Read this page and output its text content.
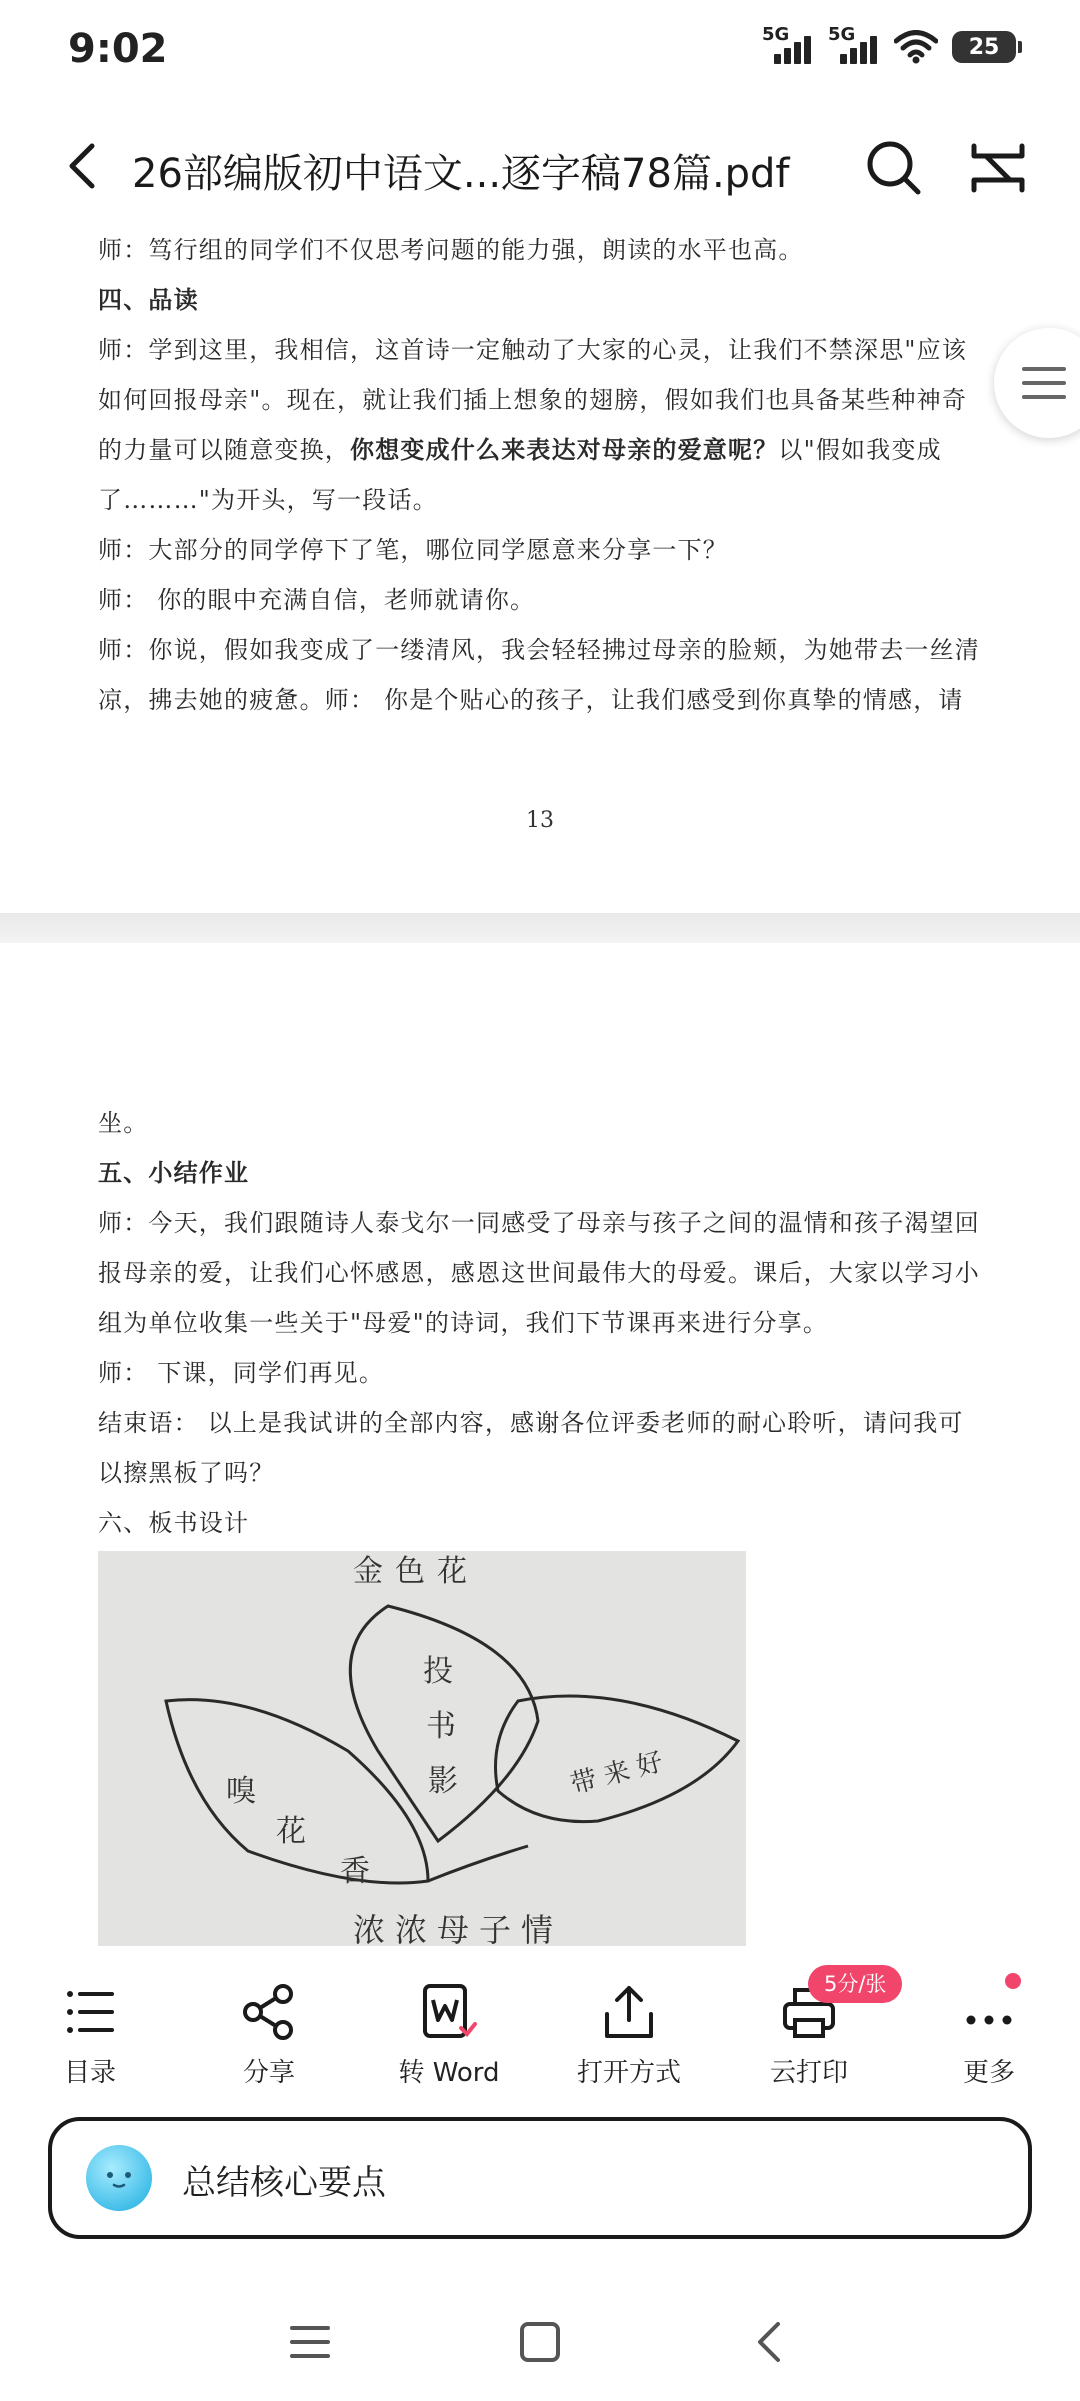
9:02	5G 5G	25
26部编版初中语文...逐字稿78篇.pdf
师：笃行组的同学们不仅思考问题的能力强，朗读的水平也高。
四、品读
师：学到这里，我相信，这首诗一定触动了大家的心灵，让我们不禁深思"应该
如何回报母亲"。现在，就让我们插上想象的翅膀，假如我们也具备某些种神奇
的力量可以随意变换，你想变成什么来表达对母亲的爱意呢？以"假如我变成
了………"为开头，写一段话。
师：大部分的同学停下了笔，哪位同学愿意来分享一下？
师： 你的眼中充满自信，老师就请你。
师：你说，假如我变成了一缕清风，我会轻轻拂过母亲的脸颊，为她带去一丝清
凉，拂去她的疲惫。师： 你是个贴心的孩子，让我们感受到你真挚的情感，请
13
坐。
五、小结作业
师：今天，我们跟随诗人泰戈尔一同感受了母亲与孩子之间的温情和孩子渴望回
报母亲的爱，让我们心怀感恩，感恩这世间最伟大的母爱。课后，大家以学习小
组为单位收集一些关于"母爱"的诗词，我们下节课再来进行分享。
师： 下课，同学们再见。
结束语： 以上是我试讲的全部内容，感谢各位评委老师的耐心聆听，请问我可
以擦黑板了吗？
六、板书设计
金色花
投
书
影
嗅
花
香
带来好
浓浓母子情
目录	分享	转 Word	打开方式	云打印	更多
5分/张
总结核心要点
